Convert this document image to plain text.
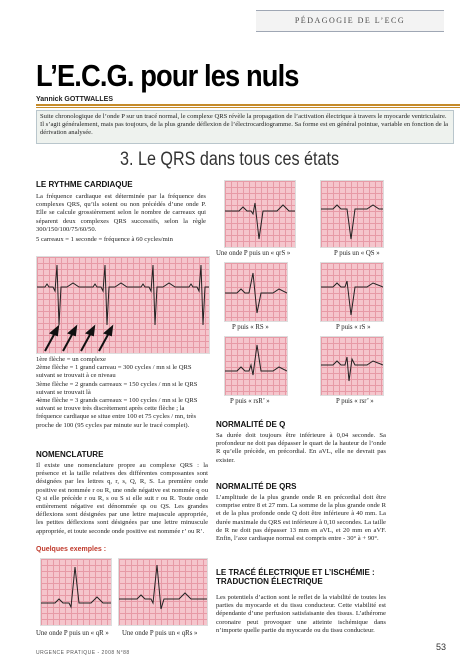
PÉDAGOGIE DE L’ECG
L’E.C.G. pour les nuls
Yannick GOTTWALLES
Suite chronologique de l’onde P sur un tracé normal, le complexe QRS révèle la propagation de l’activation électrique à travers le myocarde ventriculaire. Il s’agit généralement, mais pas toujours, de la plus grande déflexion de l’électrocardiogramme. Sa forme est en général pointue, variable en fonction de la dérivation analysée.
3. Le QRS dans tous ces états
LE RYTHME CARDIAQUE
La fréquence cardiaque est déterminée par la fréquence des complexes QRS, qu’ils soient ou non précédés d’une onde P. Elle se calcule grossièrement selon le nombre de carreaux qui séparent deux complexes QRS successifs, selon la règle 300/150/100/75/60/50.
5 carreaux = 1 seconde = fréquence à 60 cycles/min
1ère flèche = un complexe
2ème flèche = 1 grand carreau = 300 cycles / mn si le QRS suivant se trouvait à ce niveau
3ème flèche = 2 grands carreaux = 150 cycles / mn si le QRS suivant se trouvait là
4ème flèche = 3 grands carreaux = 100 cycles / mn si le QRS suivant se trouve très discrètement après cette flèche ; la fréquence cardiaque se situe entre 100 et 75 cycles / mn, très proche de 100 (95 cycles par minute sur le tracé complet).
NOMENCLATURE
Il existe une nomenclature propre au complexe QRS : la présence et la taille relatives des différentes composantes sont désignées par les lettres q, r, s, Q, R, S. La première onde positive est nommée r ou R, une onde négative est nommée q ou Q si elle précède r ou R, s ou S si elle suit r ou R. Toute onde entièrement négative est dénommée qs ou QS. Les grandes déflexions sont désignées par une lettre majuscule appropriée, les petites déflexions sont désignées par une lettre minuscule appropriée, et toute seconde onde positive est nommée r’ ou R’.
Quelques exemples :
Une onde P puis un « qR » Une onde P puis un « qRs »
Une onde P puis un « qrS »	P puis un « QS »
P puis « RS »	P puis « rS »
P puis « rsR’ »	P puis « rsr’ »
NORMALITÉ DE Q
Sa durée doit toujours être inférieure à 0,04 seconde. Sa profondeur ne doit pas dépasser le quart de la hauteur de l’onde R qu’elle précède, en précordial. En aVL, elle ne devrait pas exister.
NORMALITÉ DE QRS
L’amplitude de la plus grande onde R en précordial doit être comprise entre 8 et 27 mm. La somme de la plus grande onde R et de la plus profonde onde Q doit être inférieure à 40 mm. La durée maximale du QRS est inférieure à 0,10 secondes. La taille de R ne doit pas dépasser 13 mm en aVL, et 20 mm en aVF. Enfin, l’axe cardiaque normal est compris entre - 30° à + 90°.
LE TRACÉ ÉLECTRIQUE ET L’ISCHÉMIE : TRADUCTION ÉLECTRIQUE
Les potentiels d’action sont le reflet de la viabilité de toutes les parties du myocarde et du tissu conducteur. Cette viabilité est dépendante d’une perfusion satisfaisante des tissus. L’athérome coronaire peut provoquer une atteinte ischémique dans n’importe quelle partie du myocarde ou du tissu conducteur.
URGENCE PRATIQUE - 2008 N°88
53
